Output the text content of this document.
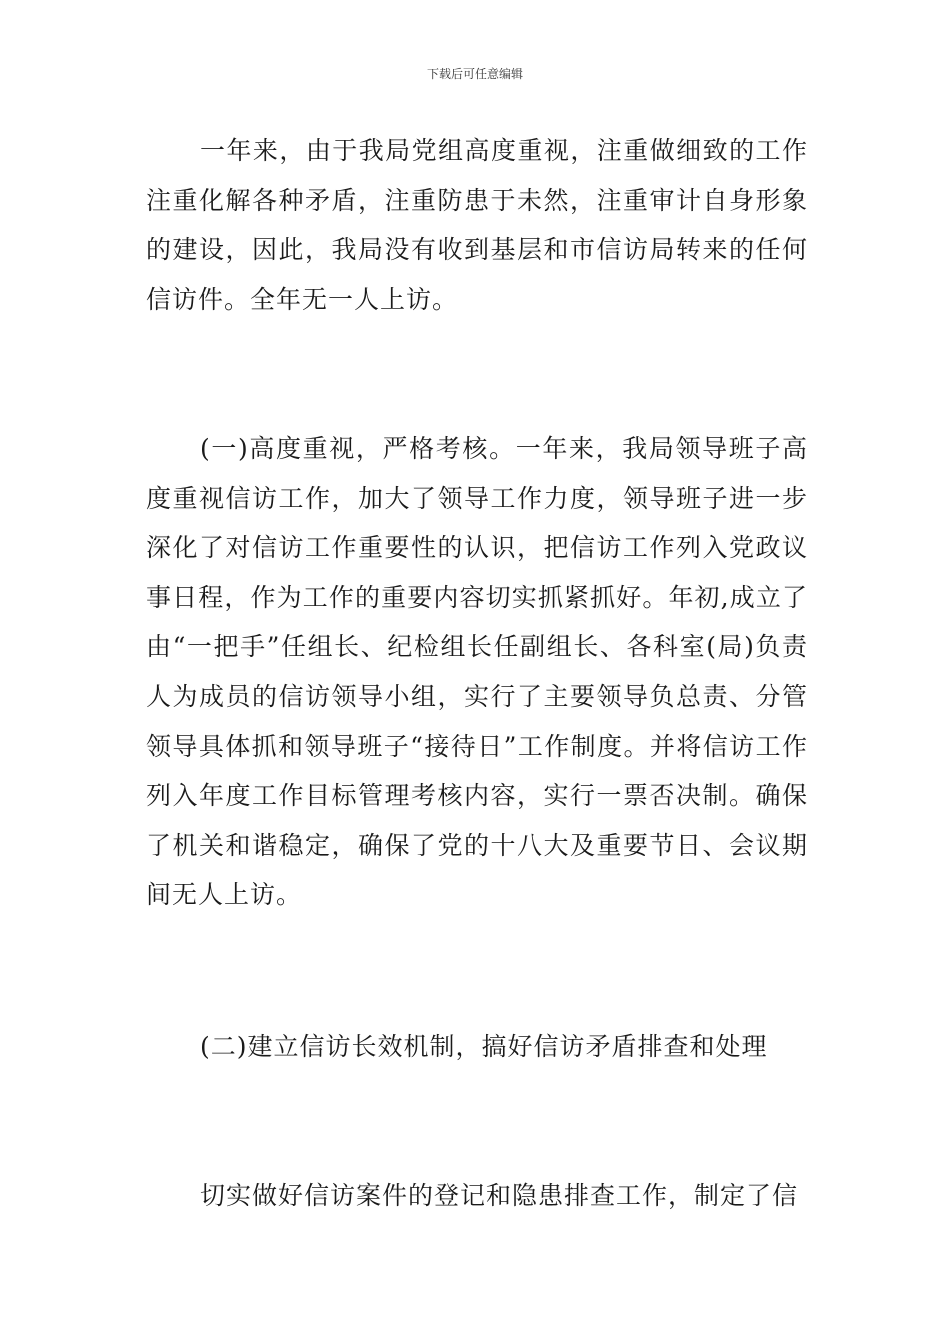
下载后可任意编辑

一年来，由于我局党组高度重视，注重做细致的工作注重化解各种矛盾，注重防患于未然，注重审计自身形象的建设，因此，我局没有收到基层和市信访局转来的任何信访件。全年无一人上访。

(一)高度重视，严格考核。一年来，我局领导班子高度重视信访工作，加大了领导工作力度，领导班子进一步深化了对信访工作重要性的认识，把信访工作列入党政议事日程，作为工作的重要内容切实抓紧抓好。年初,成立了由“一把手”任组长、纪检组长任副组长、各科室(局)负责人为成员的信访领导小组，实行了主要领导负总责、分管领导具体抓和领导班子“接待日”工作制度。并将信访工作列入年度工作目标管理考核内容，实行一票否决制。确保了机关和谐稳定，确保了党的十八大及重要节日、会议期间无人上访。

(二)建立信访长效机制，搞好信访矛盾排查和处理

切实做好信访案件的登记和隐患排查工作，制定了信
